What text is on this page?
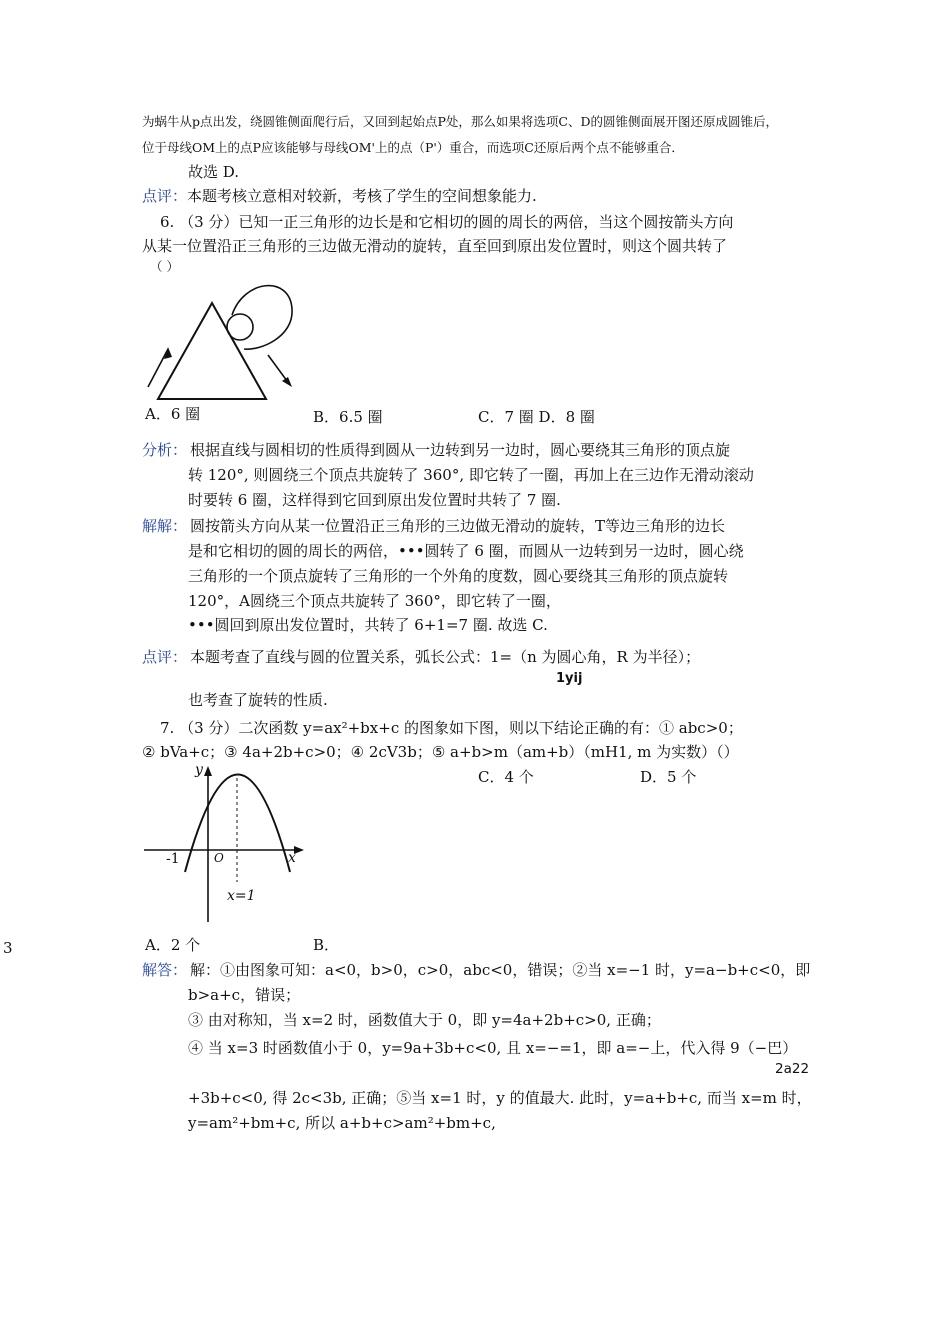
为蜗牛从p点出发，绕圆锥侧面爬行后，又回到起始点P处，那么如果将选项C、D的圆锥侧面展开图还原成圆锥后，
位于母线OM上的点P应该能够与母线OM'上的点（P'）重合，而选项C还原后两个点不能够重合．
故选 D.
点评：本题考核立意相对较新，考核了学生的空间想象能力.
6. （3 分）已知一正三角形的边长是和它相切的圆的周长的两倍，当这个圆按箭头方向
从某一位置沿正三角形的三边做无滑动的旋转，直至回到原出发位置时，则这个圆共转了
（ ）
A．6 圈	B．6.5 圈	C．7 圈 D．8 圈
分析： 根据直线与圆相切的性质得到圆从一边转到另一边时，圆心要绕其三角形的顶点旋
转 120°, 则圆绕三个顶点共旋转了 360°, 即它转了一圈，再加上在三边作无滑动滚动
时要转 6 圈，这样得到它回到原出发位置时共转了 7 圈.
解解： 圆按箭头方向从某一位置沿正三角形的三边做无滑动的旋转，T等边三角形的边长
是和它相切的圆的周长的两倍，•••圆转了 6 圈，而圆从一边转到另一边时，圆心绕
三角形的一个顶点旋转了三角形的一个外角的度数，圆心要绕其三角形的顶点旋转
120°，A圆绕三个顶点共旋转了 360°，即它转了一圈，
•••圆回到原出发位置时，共转了 6+1=7 圈. 故选 C.
点评： 本题考查了直线与圆的位置关系，弧长公式：1=（n 为圆心角，R 为半径）；
1yij
也考查了旋转的性质.
7. （3 分）二次函数 y=ax²+bx+c 的图象如下图，则以下结论正确的有：① abc>0；
② bVa+c；③ 4a+2b+c>0；④ 2cV3b；⑤ a+b>m（am+b）（mH1, m 为实数）（）
C．4 个	D．5 个
y
x
-1	O
x=1
3	A．2 个	B．
解答： 解：①由图象可知：a<0，b>0，c>0，abc<0，错误；②当 x=−1 时，y=a−b+c<0，即
b>a+c，错误；
③ 由对称知，当 x=2 时，函数值大于 0，即 y=4a+2b+c>0, 正确；
④ 当 x=3 时函数值小于 0，y=9a+3b+c<0, 且 x=−=1，即 a=−上，代入得 9（−巴）
2a22
+3b+c<0, 得 2c<3b, 正确；⑤当 x=1 时，y 的值最大. 此时，y=a+b+c, 而当 x=m 时，
y=am²+bm+c, 所以 a+b+c>am²+bm+c,
